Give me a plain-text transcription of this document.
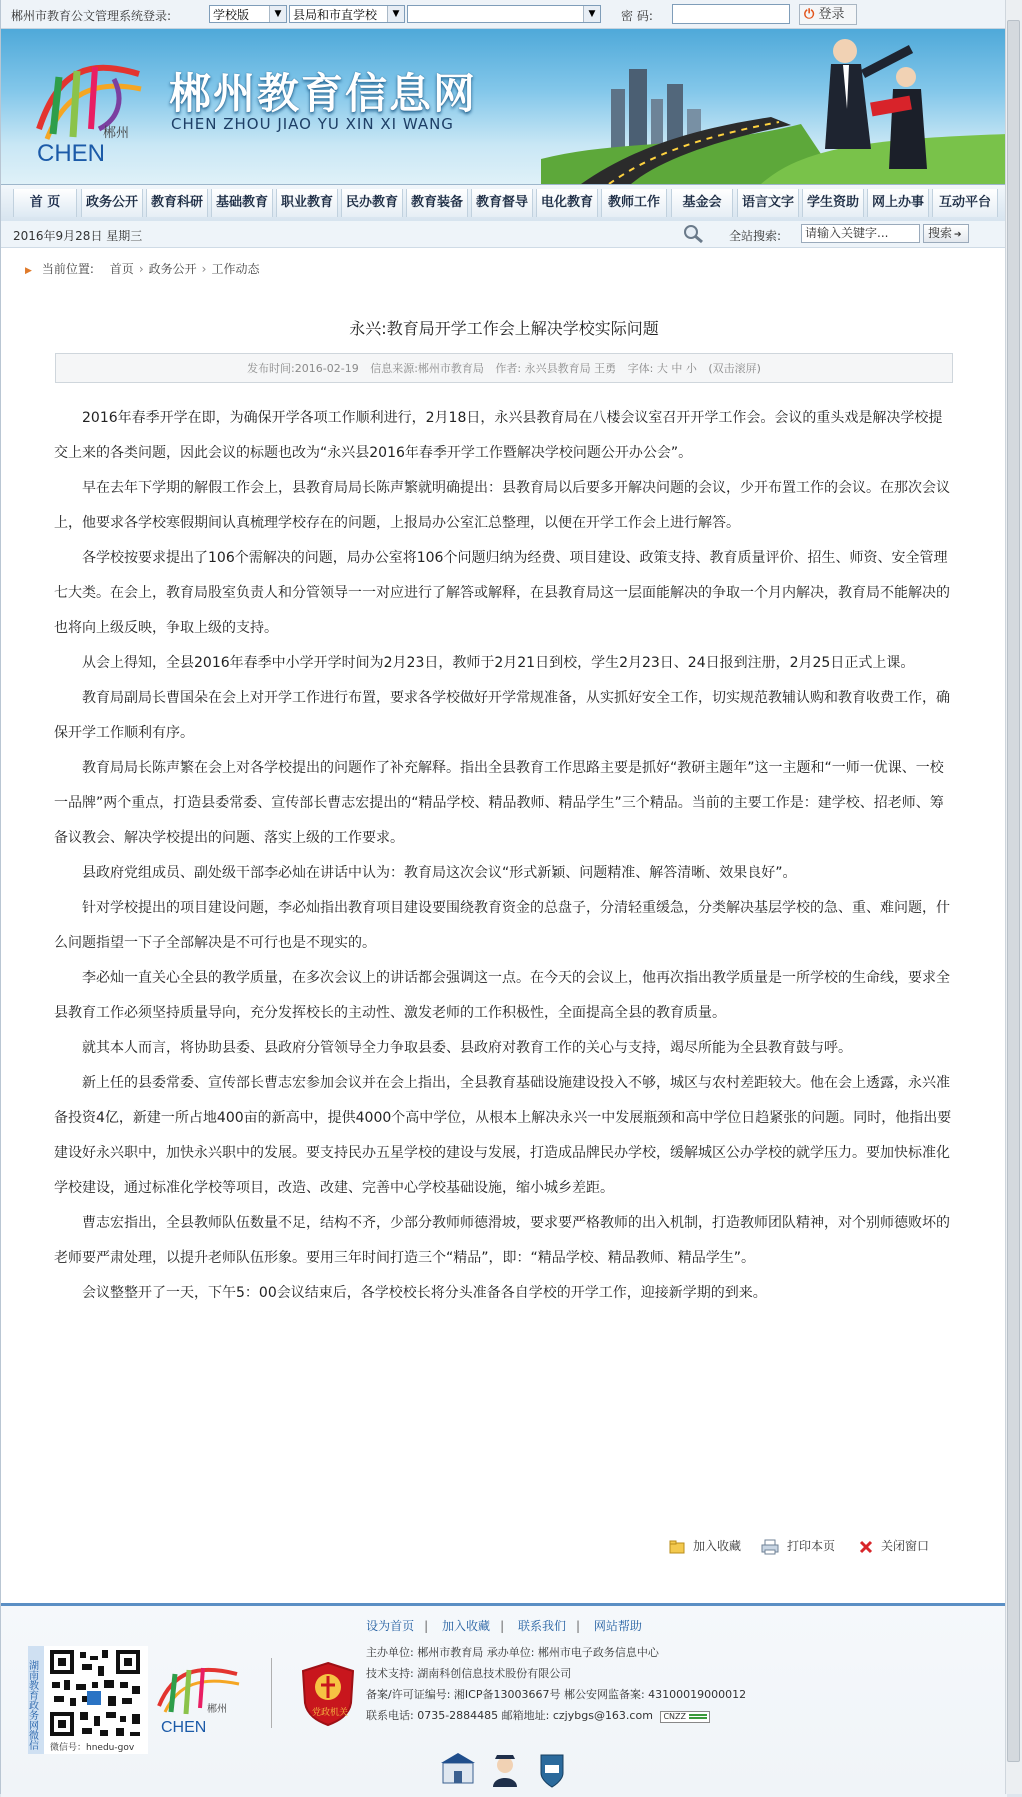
郴州市教育公文管理系统登录:	学校版	▼ 县局和市直学校	▼	▼	密 码:	⏻ 登录
郴州
CHEN
郴州教育信息网
CHEN ZHOU JIAO YU XIN XI WANG
首 页	政务公开 教育科研 基础教育 职业教育 民办教育 教育装备 教育督导 电化教育	教师工作	基金会	语言文字 学生资助 网上办事	互动平台
2016年9月28日 星期三	全站搜索:	请输入关键字...	搜索 ➔
▶ 当前位置: 首页 › 政务公开 › 工作动态
永兴:教育局开学工作会上解决学校实际问题
发布时间:2016-02-19 信息来源:郴州市教育局 作者: 永兴县教育局 王勇 字体: 大 中 小 (双击滚屏)

2016年春季开学在即，为确保开学各项工作顺利进行，2月18日，永兴县教育局在八楼会议室召开开学工作会。会议的重头戏是解决学校提交上来的各类问题，因此会议的标题也改为“永兴县2016年春季开学工作暨解决学校问题公开办公会”。

早在去年下学期的解假工作会上，县教育局局长陈声繁就明确提出：县教育局以后要多开解决问题的会议，少开布置工作的会议。在那次会议上，他要求各学校寒假期间认真梳理学校存在的问题，上报局办公室汇总整理，以便在开学工作会上进行解答。

各学校按要求提出了106个需解决的问题，局办公室将106个问题归纳为经费、项目建设、政策支持、教育质量评价、招生、师资、安全管理七大类。在会上，教育局股室负责人和分管领导一一对应进行了解答或解释，在县教育局这一层面能解决的争取一个月内解决，教育局不能解决的也将向上级反映，争取上级的支持。

从会上得知，全县2016年春季中小学开学时间为2月23日，教师于2月21日到校，学生2月23日、24日报到注册，2月25日正式上课。

教育局副局长曹国朵在会上对开学工作进行布置，要求各学校做好开学常规准备，从实抓好安全工作，切实规范教辅认购和教育收费工作，确保开学工作顺利有序。

教育局局长陈声繁在会上对各学校提出的问题作了补充解释。指出全县教育工作思路主要是抓好“教研主题年”这一主题和“一师一优课、一校一品牌”两个重点，打造县委常委、宣传部长曹志宏提出的“精品学校、精品教师、精品学生”三个精品。当前的主要工作是：建学校、招老师、筹备议教会、解决学校提出的问题、落实上级的工作要求。

县政府党组成员、副处级干部李必灿在讲话中认为：教育局这次会议“形式新颖、问题精准、解答清晰、效果良好”。

针对学校提出的项目建设问题，李必灿指出教育项目建设要围绕教育资金的总盘子，分清轻重缓急，分类解决基层学校的急、重、难问题，什么问题指望一下子全部解决是不可行也是不现实的。

李必灿一直关心全县的教学质量，在多次会议上的讲话都会强调这一点。在今天的会议上，他再次指出教学质量是一所学校的生命线，要求全县教育工作必须坚持质量导向，充分发挥校长的主动性、激发老师的工作积极性，全面提高全县的教育质量。

就其本人而言，将协助县委、县政府分管领导全力争取县委、县政府对教育工作的关心与支持，竭尽所能为全县教育鼓与呼。

新上任的县委常委、宣传部长曹志宏参加会议并在会上指出，全县教育基础设施建设投入不够，城区与农村差距较大。他在会上透露，永兴准备投资4亿，新建一所占地400亩的新高中，提供4000个高中学位，从根本上解决永兴一中发展瓶颈和高中学位日趋紧张的问题。同时，他指出要建设好永兴职中，加快永兴职中的发展。要支持民办五星学校的建设与发展，打造成品牌民办学校，缓解城区公办学校的就学压力。要加快标准化学校建设，通过标准化学校等项目，改造、改建、完善中心学校基础设施，缩小城乡差距。

曹志宏指出，全县教师队伍数量不足，结构不齐，少部分教师师德滑坡，要求要严格教师的出入机制，打造教师团队精神，对个别师德败坏的老师要严肃处理，以提升老师队伍形象。要用三年时间打造三个“精品”，即：“精品学校、精品教师、精品学生”。

会议整整开了一天，下午5：00会议结束后，各学校校长将分头准备各自学校的开学工作，迎接新学期的到来。

加入收藏	打印本页	关闭窗口
设为首页 | 加入收藏 | 联系我们 | 网站帮助
湖南教育政务网微信 微信号：hnedu-gov
郴州
CHEN
党政机关
主办单位: 郴州市教育局 承办单位: 郴州市电子政务信息中心
技术支持: 湖南科创信息技术股份有限公司
备案/许可证编号: 湘ICP备13003667号 郴公安网监备案: 43100019000012
联系电话: 0735-2884485 邮箱地址: czjybgs@163.com CNZZ
